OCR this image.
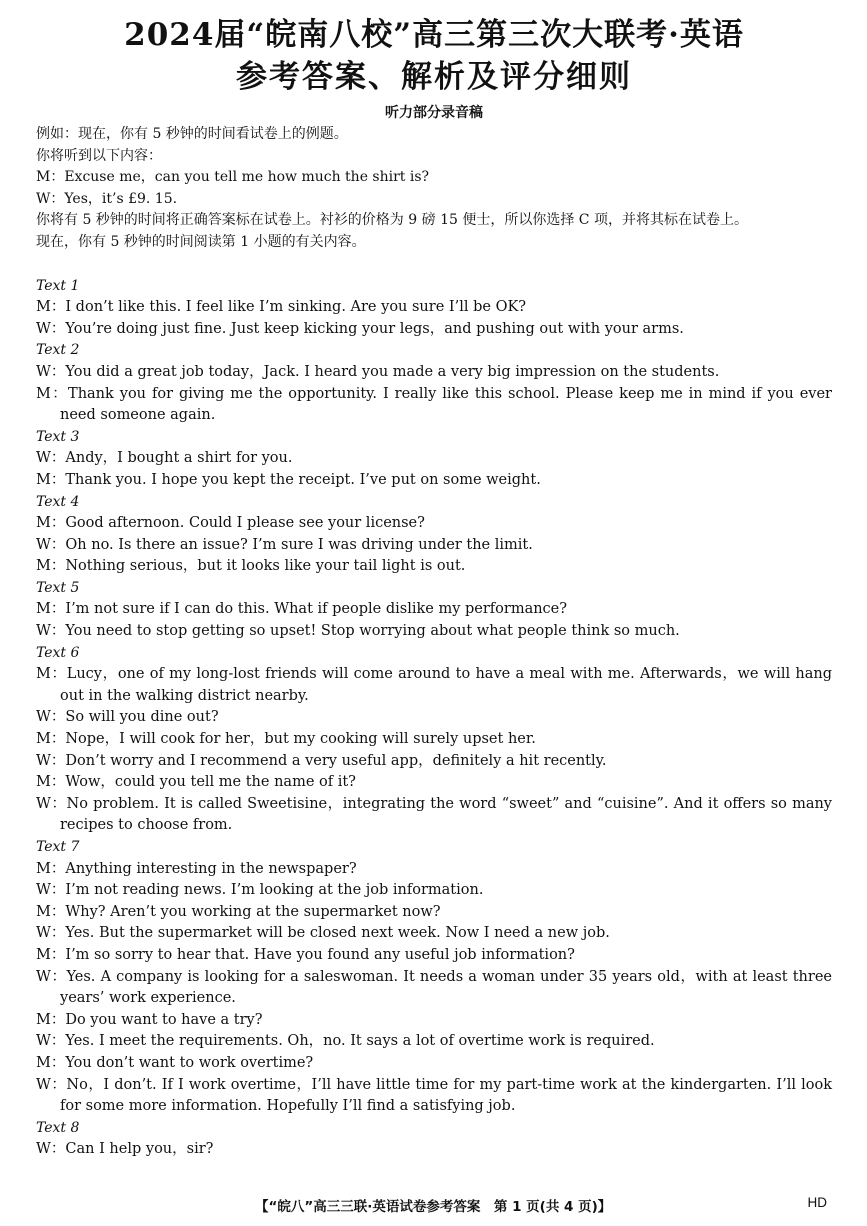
2024届“皖南八校”高三第三次大联考·英语
参考答案、解析及评分细则
听力部分录音稿
例如：现在，你有 5 秒钟的时间看试卷上的例题。
你将听到以下内容：
M：Excuse me，can you tell me how much the shirt is?
W：Yes，it’s £9. 15.
你将有 5 秒钟的时间将正确答案标在试卷上。衬衫的价格为 9 磅 15 便士，所以你选择 C 项，并将其标在试卷上。
现在，你有 5 秒钟的时间阅读第 1 小题的有关内容。
Text 1
M：I don’t like this. I feel like I’m sinking. Are you sure I’ll be OK?
W：You’re doing just fine. Just keep kicking your legs，and pushing out with your arms.
Text 2
W：You did a great job today，Jack. I heard you made a very big impression on the students.
M：Thank you for giving me the opportunity. I really like this school. Please keep me in mind if you ever need someone again.
Text 3
W：Andy，I bought a shirt for you.
M：Thank you. I hope you kept the receipt. I’ve put on some weight.
Text 4
M：Good afternoon. Could I please see your license?
W：Oh no. Is there an issue? I’m sure I was driving under the limit.
M：Nothing serious，but it looks like your tail light is out.
Text 5
M：I’m not sure if I can do this. What if people dislike my performance?
W：You need to stop getting so upset! Stop worrying about what people think so much.
Text 6
M：Lucy，one of my long-lost friends will come around to have a meal with me. Afterwards，we will hang out in the walking district nearby.
W：So will you dine out?
M：Nope，I will cook for her，but my cooking will surely upset her.
W：Don’t worry and I recommend a very useful app，definitely a hit recently.
M：Wow，could you tell me the name of it?
W：No problem. It is called Sweetisine，integrating the word “sweet” and “cuisine”. And it offers so many recipes to choose from.
Text 7
M：Anything interesting in the newspaper?
W：I’m not reading news. I’m looking at the job information.
M：Why? Aren’t you working at the supermarket now?
W：Yes. But the supermarket will be closed next week. Now I need a new job.
M：I’m so sorry to hear that. Have you found any useful job information?
W：Yes. A company is looking for a saleswoman. It needs a woman under 35 years old，with at least three years’ work experience.
M：Do you want to have a try?
W：Yes. I meet the requirements. Oh，no. It says a lot of overtime work is required.
M：You don’t want to work overtime?
W：No，I don’t. If I work overtime，I’ll have little time for my part-time work at the kindergarten. I’ll look for some more information. Hopefully I’ll find a satisfying job.
Text 8
W：Can I help you，sir?
【“皖八”高三三联·英语试卷参考答案　第 1 页(共 4 页)】	HD
